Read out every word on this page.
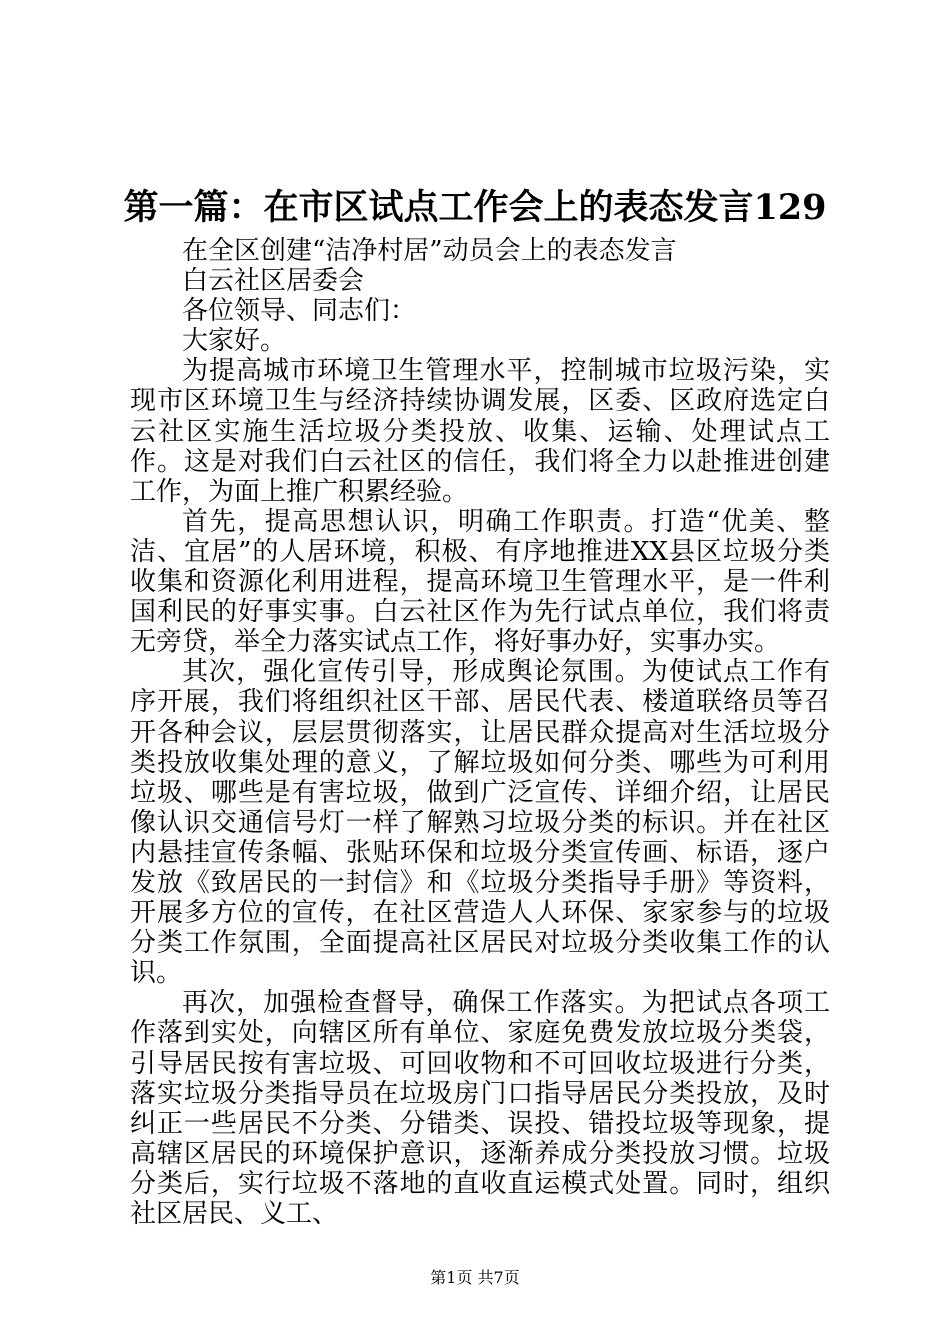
第一篇：在市区试点工作会上的表态发言129

在全区创建“洁净村居”动员会上的表态发言

白云社区居委会

各位领导、同志们：

大家好。

为提高城市环境卫生管理水平，控制城市垃圾污染，实现市区环境卫生与经济持续协调发展，区委、区政府选定白云社区实施生活垃圾分类投放、收集、运输、处理试点工作。这是对我们白云社区的信任，我们将全力以赴推进创建工作，为面上推广积累经验。

首先，提高思想认识，明确工作职责。打造“优美、整洁、宜居”的人居环境，积极、有序地推进XX县区垃圾分类收集和资源化利用进程，提高环境卫生管理水平，是一件利国利民的好事实事。白云社区作为先行试点单位，我们将责无旁贷，举全力落实试点工作，将好事办好，实事办实。

其次，强化宣传引导，形成舆论氛围。为使试点工作有序开展，我们将组织社区干部、居民代表、楼道联络员等召开各种会议，层层贯彻落实，让居民群众提高对生活垃圾分类投放收集处理的意义，了解垃圾如何分类、哪些为可利用垃圾、哪些是有害垃圾，做到广泛宣传、详细介绍，让居民像认识交通信号灯一样了解熟习垃圾分类的标识。并在社区内悬挂宣传条幅、张贴环保和垃圾分类宣传画、标语，逐户发放《致居民的一封信》和《垃圾分类指导手册》等资料，开展多方位的宣传，在社区营造人人环保、家家参与的垃圾分类工作氛围，全面提高社区居民对垃圾分类收集工作的认识。

再次，加强检查督导，确保工作落实。为把试点各项工作落到实处，向辖区所有单位、家庭免费发放垃圾分类袋，引导居民按有害垃圾、可回收物和不可回收垃圾进行分类，落实垃圾分类指导员在垃圾房门口指导居民分类投放，及时纠正一些居民不分类、分错类、误投、错投垃圾等现象，提高辖区居民的环境保护意识，逐渐养成分类投放习惯。垃圾分类后，实行垃圾不落地的直收直运模式处置。同时，组织社区居民、义工、

第1页 共7页
